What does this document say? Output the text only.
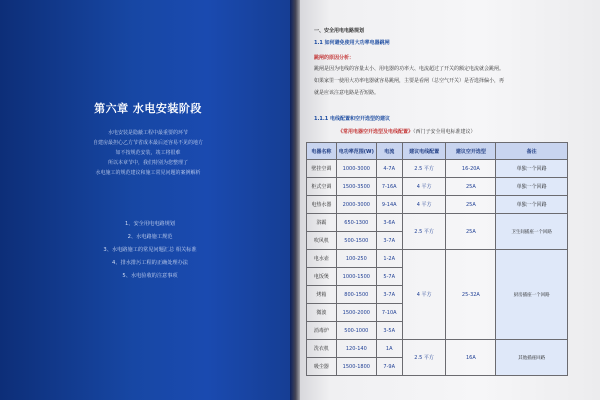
第六章 水电安装阶段
水电安装是隐蔽工程中最重要的环节
自建房最担心乙方节省成本最后还容易不见的地方
如不按规范安装，竣工将很难
所以本章节中，我们特别为您整理了
水电施工的规范建议和施工常见问题的案例解析
1、安全用电电路规划
2、水电路施工规范
3、水电路施工的常见问题汇总 相关标准
4、排水排污工程的正确处理办法
5、水电验收的注意事项
一、安全用电电路规划
1.1 如何避免使用大功率电器跳闸
跳闸的原因分析：
跳闸是因为电线的容量太小、用电器的功率大、电流超过了开关的额定电流就会跳闸。
如果家里一使用大功率电器就容易跳闸，主要是看闸（总空气开关）是否选择偏小，再
就是应该注意电路是否短路。
1.1.1 电线配置和空开选型的建议
《常用电器空开选型及电线配置》（西门子安全用电标准建议）
电器名称	电功率范围(W)	电流	建议电线配置	建议空开选型	备注
壁挂空调	1000-3000	4-7A	2.5 平方	16-20A	单独一个回路
柜式空调	1500-3500	7-16A	4 平方	25A	单独一个回路
电热水器	2000-3000	9-14A	4 平方	25A	单独一个回路
浴霸	650-1300	3-6A	2.5 平方	25A	卫生间插座一个回路
吹风机	500-1500	3-7A			
电水壶	100-250	1-2A	4 平方	25-32A	厨房插座一个回路
电饭煲	1000-1500	5-7A			
烤箱	800-1500	3-7A			
微波	1500-2000	7-10A			
消毒炉	500-1000	3-5A			
洗衣机	120-140	1A	2.5 平方	16A	其他插座回路
吸尘器	1500-1800	7-9A			
